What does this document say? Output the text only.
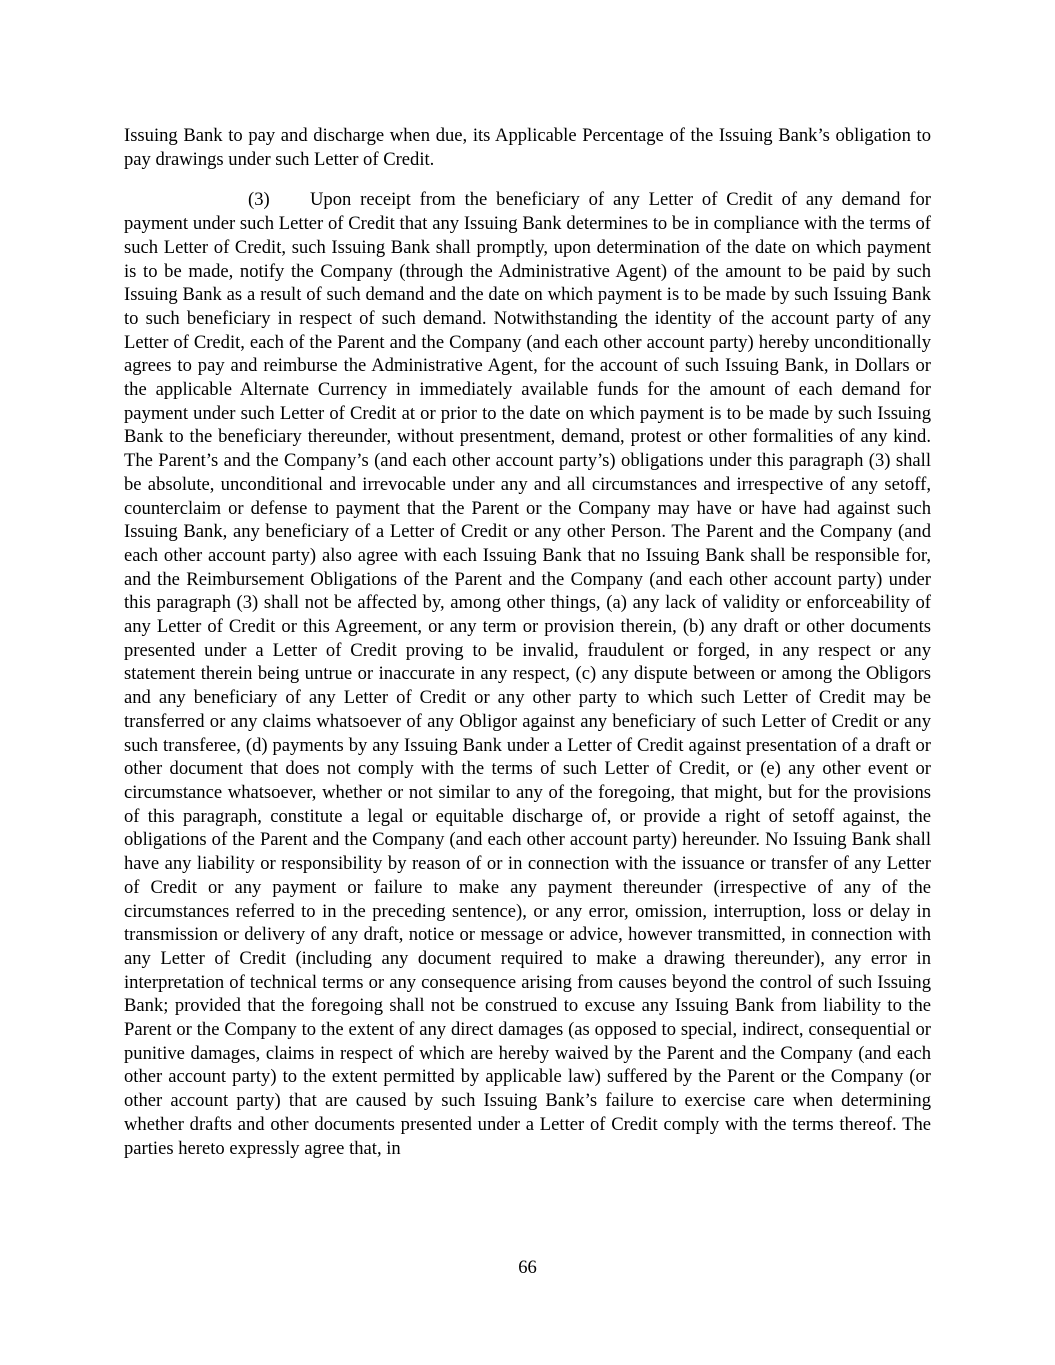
Issuing Bank to pay and discharge when due, its Applicable Percentage of the Issuing Bank’s obligation to pay drawings under such Letter of Credit.

(3) Upon receipt from the beneficiary of any Letter of Credit of any demand for payment under such Letter of Credit that any Issuing Bank determines to be in compliance with the terms of such Letter of Credit, such Issuing Bank shall promptly, upon determination of the date on which payment is to be made, notify the Company (through the Administrative Agent) of the amount to be paid by such Issuing Bank as a result of such demand and the date on which payment is to be made by such Issuing Bank to such beneficiary in respect of such demand. Notwithstanding the identity of the account party of any Letter of Credit, each of the Parent and the Company (and each other account party) hereby unconditionally agrees to pay and reimburse the Administrative Agent, for the account of such Issuing Bank, in Dollars or the applicable Alternate Currency in immediately available funds for the amount of each demand for payment under such Letter of Credit at or prior to the date on which payment is to be made by such Issuing Bank to the beneficiary thereunder, without presentment, demand, protest or other formalities of any kind. The Parent’s and the Company’s (and each other account party’s) obligations under this paragraph (3) shall be absolute, unconditional and irrevocable under any and all circumstances and irrespective of any setoff, counterclaim or defense to payment that the Parent or the Company may have or have had against such Issuing Bank, any beneficiary of a Letter of Credit or any other Person. The Parent and the Company (and each other account party) also agree with each Issuing Bank that no Issuing Bank shall be responsible for, and the Reimbursement Obligations of the Parent and the Company (and each other account party) under this paragraph (3) shall not be affected by, among other things, (a) any lack of validity or enforceability of any Letter of Credit or this Agreement, or any term or provision therein, (b) any draft or other documents presented under a Letter of Credit proving to be invalid, fraudulent or forged, in any respect or any statement therein being untrue or inaccurate in any respect, (c) any dispute between or among the Obligors and any beneficiary of any Letter of Credit or any other party to which such Letter of Credit may be transferred or any claims whatsoever of any Obligor against any beneficiary of such Letter of Credit or any such transferee, (d) payments by any Issuing Bank under a Letter of Credit against presentation of a draft or other document that does not comply with the terms of such Letter of Credit, or (e) any other event or circumstance whatsoever, whether or not similar to any of the foregoing, that might, but for the provisions of this paragraph, constitute a legal or equitable discharge of, or provide a right of setoff against, the obligations of the Parent and the Company (and each other account party) hereunder. No Issuing Bank shall have any liability or responsibility by reason of or in connection with the issuance or transfer of any Letter of Credit or any payment or failure to make any payment thereunder (irrespective of any of the circumstances referred to in the preceding sentence), or any error, omission, interruption, loss or delay in transmission or delivery of any draft, notice or message or advice, however transmitted, in connection with any Letter of Credit (including any document required to make a drawing thereunder), any error in interpretation of technical terms or any consequence arising from causes beyond the control of such Issuing Bank; provided that the foregoing shall not be construed to excuse any Issuing Bank from liability to the Parent or the Company to the extent of any direct damages (as opposed to special, indirect, consequential or punitive damages, claims in respect of which are hereby waived by the Parent and the Company (and each other account party) to the extent permitted by applicable law) suffered by the Parent or the Company (or other account party) that are caused by such Issuing Bank’s failure to exercise care when determining whether drafts and other documents presented under a Letter of Credit comply with the terms thereof. The parties hereto expressly agree that, in

66
